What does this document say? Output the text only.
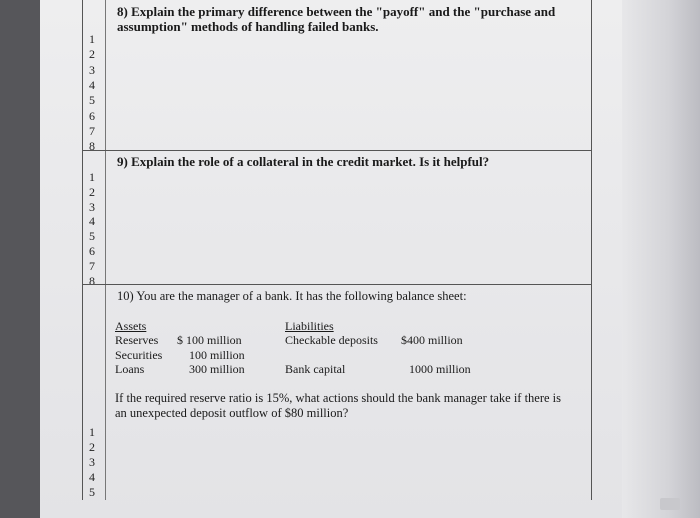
8) Explain the primary difference between the "payoff" and the "purchase and
assumption" methods of handling failed banks.
1
2
3
4
5
6
7
8
9) Explain the role of a collateral in the credit market. Is it helpful?
1
2
3
4
5
6
7
8
10) You are the manager of a bank. It has the following balance sheet:
Assets	Liabilities
Reserves $ 100 million	Checkable deposits $400 million
Securities 100 million
Loans	300 million	Bank capital	1000 million
If the required reserve ratio is 15%, what actions should the bank manager take if there is
an unexpected deposit outflow of $80 million?
1
2
3
4
5
